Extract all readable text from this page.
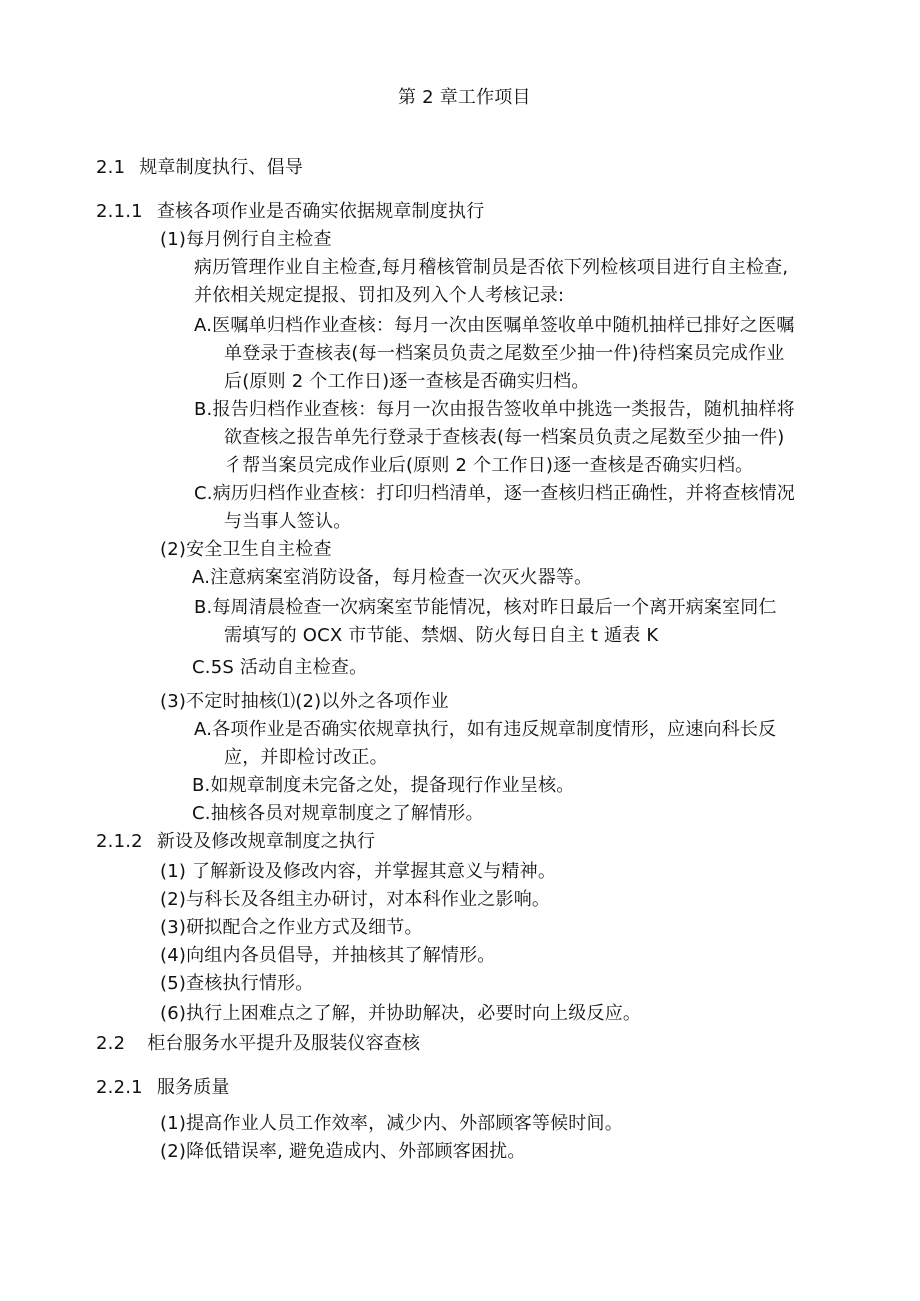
第 2 章工作项目
2.1 规章制度执行、倡导
2.1.1 查核各项作业是否确实依据规章制度执行
(1)每月例行自主检查
病历管理作业自主检查,每月稽核管制员是否依下列检核项目进行自主检查,
并依相关规定提报、罚扣及列入个人考核记录:
A.医嘱单归档作业查核：每月一次由医嘱单签收单中随机抽样已排好之医嘱
单登录于查核表(每一档案员负责之尾数至少抽一件)待档案员完成作业
后(原则 2 个工作日)逐一查核是否确实归档。
B.报告归档作业查核：每月一次由报告签收单中挑选一类报告，随机抽样将
欲查核之报告单先行登录于查核表(每一档案员负责之尾数至少抽一件)
彳帮当案员完成作业后(原则 2 个工作日)逐一查核是否确实归档。
C.病历归档作业查核：打印归档清单，逐一查核归档正确性，并将查核情况
与当事人签认。
(2)安全卫生自主检查
A.注意病案室消防设备，每月检查一次灭火器等。
B.每周清晨检查一次病案室节能情况，核对昨日最后一个离开病案室同仁
需填写的 OCX 市节能、禁烟、防火每日自主 t 遁表 K
C.5S 活动自主检查。
(3)不定时抽核⑴(2)以外之各项作业
A.各项作业是否确实依规章执行，如有违反规章制度情形，应速向科长反
应，并即检讨改正。
B.如规章制度未完备之处，提备现行作业呈核。
C.抽核各员对规章制度之了解情形。
2.1.2 新设及修改规章制度之执行
(1) 了解新设及修改内容，并掌握其意义与精神。
(2)与科长及各组主办研讨，对本科作业之影响。
(3)研拟配合之作业方式及细节。
(4)向组内各员倡导，并抽核其了解情形。
(5)查核执行情形。
(6)执行上困难点之了解，并协助解决，必要时向上级反应。
2.2 柜台服务水平提升及服装仪容查核
2.2.1 服务质量
(1)提高作业人员工作效率，减少内、外部顾客等候时间。
(2)降低错误率, 避免造成内、外部顾客困扰。
